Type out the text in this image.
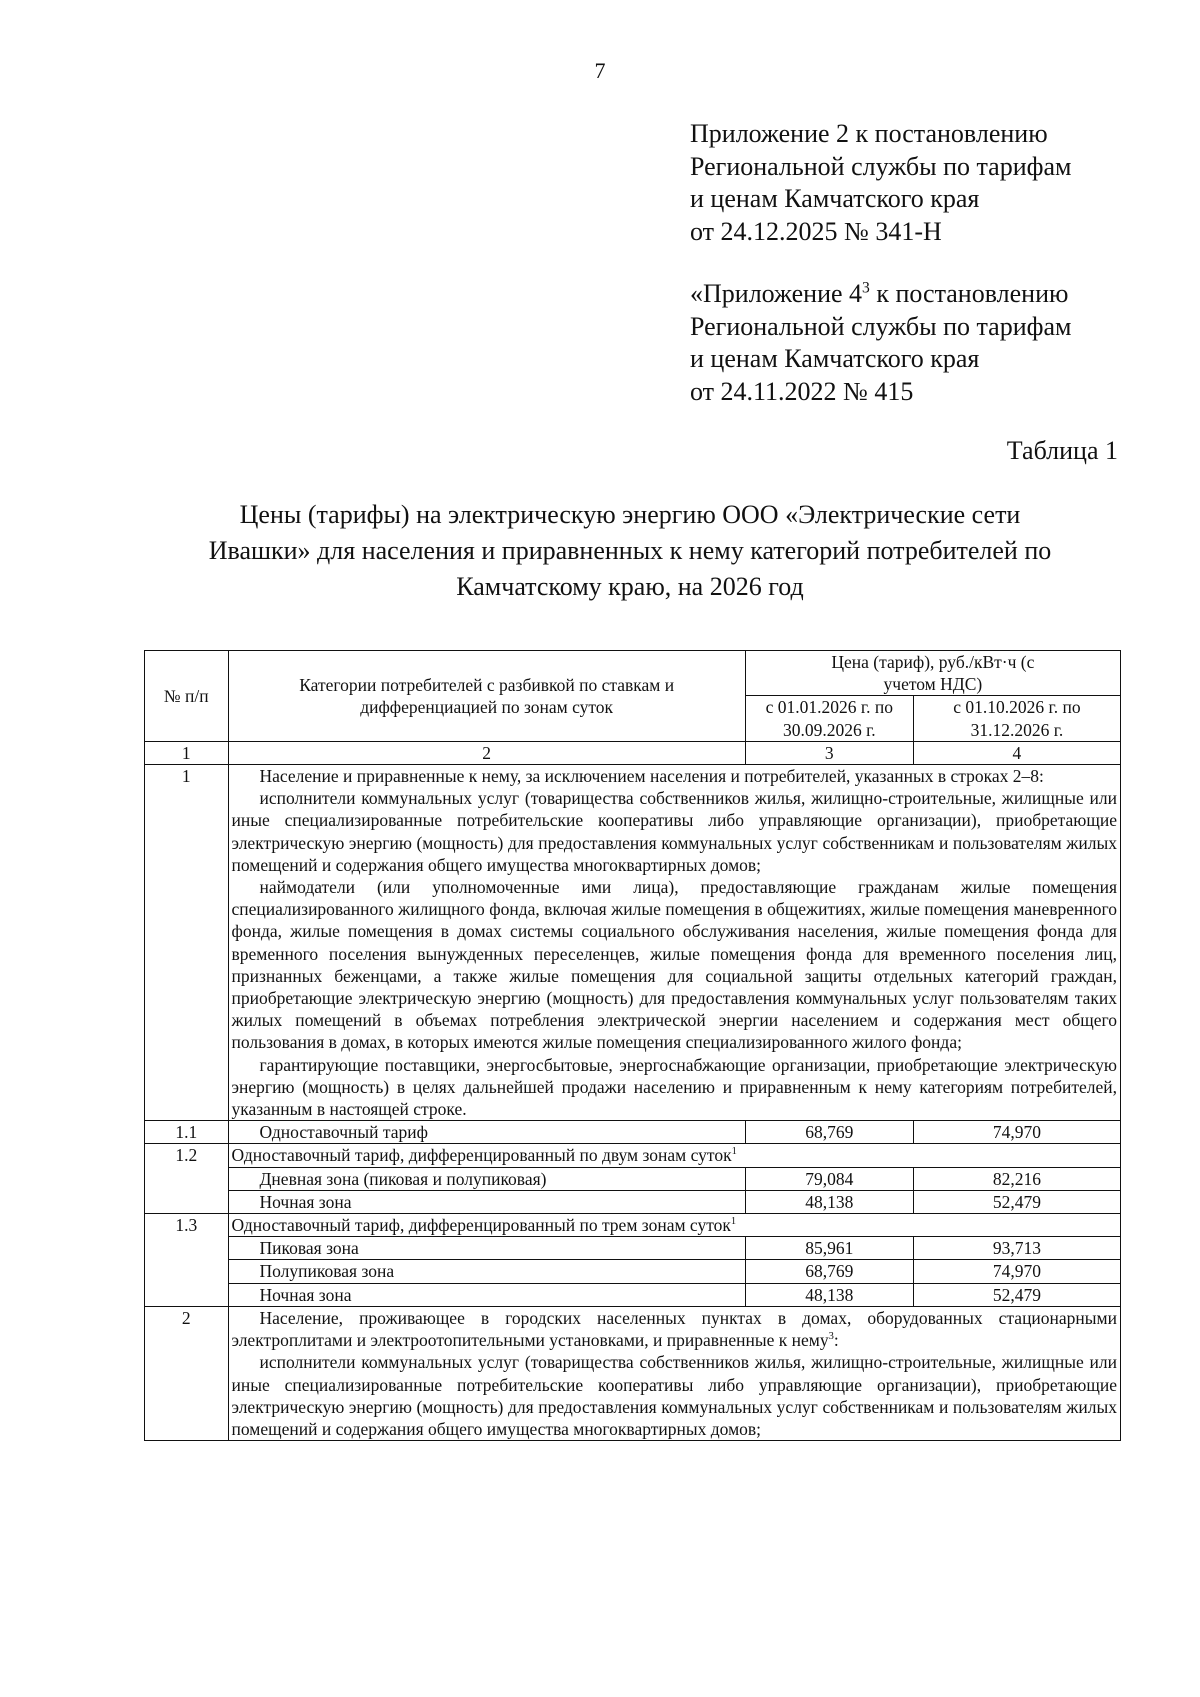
7
Приложение 2 к постановлению
Региональной службы по тарифам
и ценам Камчатского края
от 24.12.2025 № 341-Н
«Приложение $4^3$ к постановлению
Региональной службы по тарифам
и ценам Камчатского края
от 24.11.2022 № 415
Таблица 1
Цены (тарифы) на электрическую энергию ООО «Электрические сети
Ивашки» для населения и приравненных к нему категорий потребителей по
Камчатскому краю, на 2026 год
№ п/п	Категории потребителей с разбивкой по ставкам и дифференциацией по зонам суток	Цена (тариф), руб./кВт·ч (с учетом НДС)	
		с 01.01.2026 г. по 30.09.2026 г.	с 01.10.2026 г. по 31.12.2026 г.
1	2	3	4
1	Население и приравненные к нему, за исключением населения и потребителей, указанных в строках 2–8:

исполнители коммунальных услуг (товарищества собственников жилья, жилищно-строительные, жилищные или иные специализированные потребительские кооперативы либо управляющие организации), приобретающие электрическую энергию (мощность) для предоставления коммунальных услуг собственникам и пользователям жилых помещений и содержания общего имущества многоквартирных домов;

наймодатели (или уполномоченные ими лица), предоставляющие гражданам жилые помещения специализированного жилищного фонда, включая жилые помещения в общежитиях, жилые помещения маневренного фонда, жилые помещения в домах системы социального обслуживания населения, жилые помещения фонда для временного поселения вынужденных переселенцев, жилые помещения фонда для временного поселения лиц, признанных беженцами, а также жилые помещения для социальной защиты отдельных категорий граждан, приобретающие электрическую энергию (мощность) для предоставления коммунальных услуг пользователям таких жилых помещений в объемах потребления электрической энергии населением и содержания мест общего пользования в домах, в которых имеются жилые помещения специализированного жилого фонда;

гарантирующие поставщики, энергосбытовые, энергоснабжающие организации, приобретающие электрическую энергию (мощность) в целях дальнейшей продажи населению и приравненным к нему категориям потребителей, указанным в настоящей строке.		

1.1	Одноставочный тариф	68,769	74,970
1.2	Одноставочный тариф, дифференцированный по двум зонам суток$^1$
	Дневная зона (пиковая и полупиковая)	79,084	82,216
	Ночная зона	48,138	52,479
1.3	Одноставочный тариф, дифференцированный по трем зонам суток$^1$
	Пиковая зона	85,961	93,713
	Полупиковая зона	68,769	74,970
	Ночная зона	48,138	52,479
2	Население, проживающее в городских населенных пунктах в домах, оборудованных стационарными электроплитами и электроотопительными установками, и приравненные к нему$^3$:

исполнители коммунальных услуг (товарищества собственников жилья, жилищно-строительные, жилищные или иные специализированные потребительские кооперативы либо управляющие организации), приобретающие электрическую энергию (мощность) для предоставления коммунальных услуг собственникам и пользователям жилых помещений и содержания общего имущества многоквартирных домов;		
